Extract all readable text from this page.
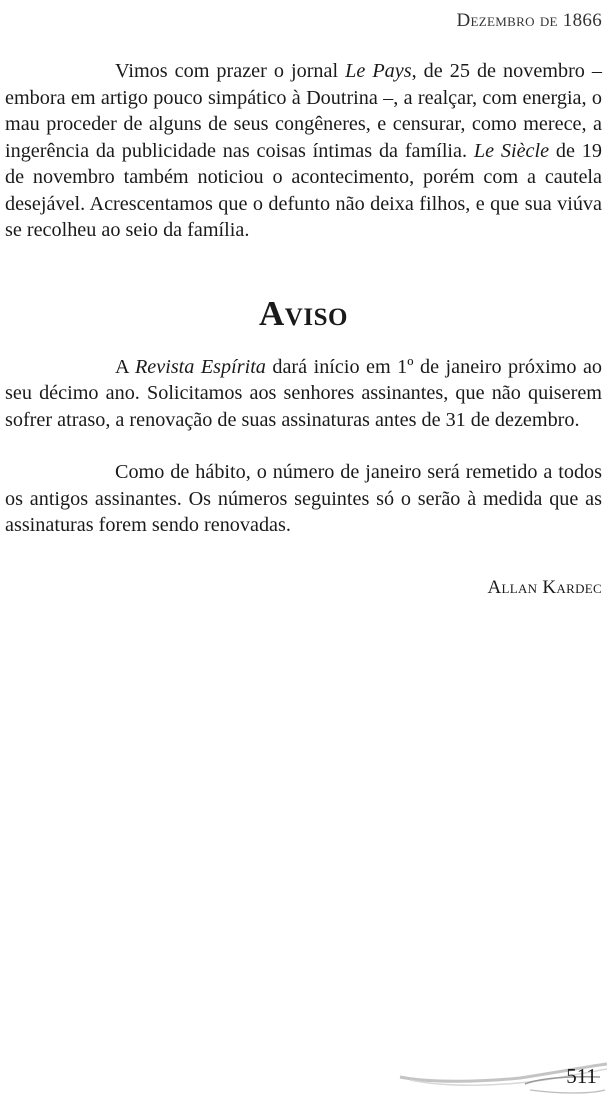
Dezembro de 1866

Vimos com prazer o jornal Le Pays, de 25 de novembro – embora em artigo pouco simpático à Doutrina –, a realçar, com energia, o mau proceder de alguns de seus congêneres, e censurar, como merece, a ingerência da publicidade nas coisas íntimas da família. Le Siècle de 19 de novembro também noticiou o acontecimento, porém com a cautela desejável. Acrescentamos que o defunto não deixa filhos, e que sua viúva se recolheu ao seio da família.

Aviso

A Revista Espírita dará início em 1º de janeiro próximo ao seu décimo ano. Solicitamos aos senhores assinantes, que não quiserem sofrer atraso, a renovação de suas assinaturas antes de 31 de dezembro.

Como de hábito, o número de janeiro será remetido a todos os antigos assinantes. Os números seguintes só o serão à medida que as assinaturas forem sendo renovadas.

Allan Kardec
511
